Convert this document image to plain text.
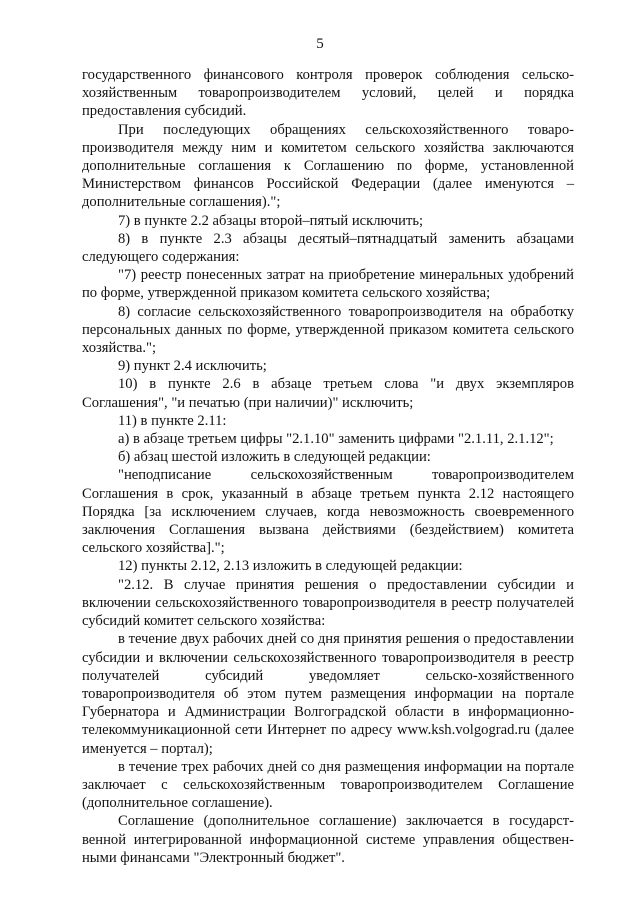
5

государственного финансового контроля проверок соблюдения сельско-хозяйственным товаропроизводителем условий, целей и порядка предоставления субсидий.

При последующих обращениях сельскохозяйственного товаро-производителя между ним и комитетом сельского хозяйства заключаются дополнительные соглашения к Соглашению по форме, установленной Министерством финансов Российской Федерации (далее именуются – дополнительные соглашения).";

7) в пункте 2.2 абзацы второй–пятый исключить;

8) в пункте 2.3 абзацы десятый–пятнадцатый заменить абзацами следующего содержания:

"7) реестр понесенных затрат на приобретение минеральных удобрений по форме, утвержденной приказом комитета сельского хозяйства;

8) согласие сельскохозяйственного товаропроизводителя на обработку персональных данных по форме, утвержденной приказом комитета сельского хозяйства.";

9) пункт 2.4 исключить;

10) в пункте 2.6 в абзаце третьем слова "и двух экземпляров Соглашения", "и печатью (при наличии)" исключить;

11) в пункте 2.11:

а) в абзаце третьем цифры "2.1.10" заменить цифрами "2.1.11, 2.1.12";

б) абзац шестой изложить в следующей редакции:

"неподписание сельскохозяйственным товаропроизводителем Соглашения в срок, указанный в абзаце третьем пункта 2.12 настоящего Порядка [за исключением случаев, когда невозможность своевременного заключения Соглашения вызвана действиями (бездействием) комитета сельского хозяйства].";

12) пункты 2.12, 2.13 изложить в следующей редакции:

"2.12. В случае принятия решения о предоставлении субсидии и включении сельскохозяйственного товаропроизводителя в реестр получателей субсидий комитет сельского хозяйства:

в течение двух рабочих дней со дня принятия решения о предоставлении субсидии и включении сельскохозяйственного товаропроизводителя в реестр получателей субсидий уведомляет сельско-хозяйственного товаропроизводителя об этом путем размещения информации на портале Губернатора и Администрации Волгоградской области в информационно-телекоммуникационной сети Интернет по адресу www.ksh.volgograd.ru (далее именуется – портал);

в течение трех рабочих дней со дня размещения информации на портале заключает с сельскохозяйственным товаропроизводителем Соглашение (дополнительное соглашение).

Соглашение (дополнительное соглашение) заключается в государст-венной интегрированной информационной системе управления обществен-ными финансами "Электронный бюджет".
